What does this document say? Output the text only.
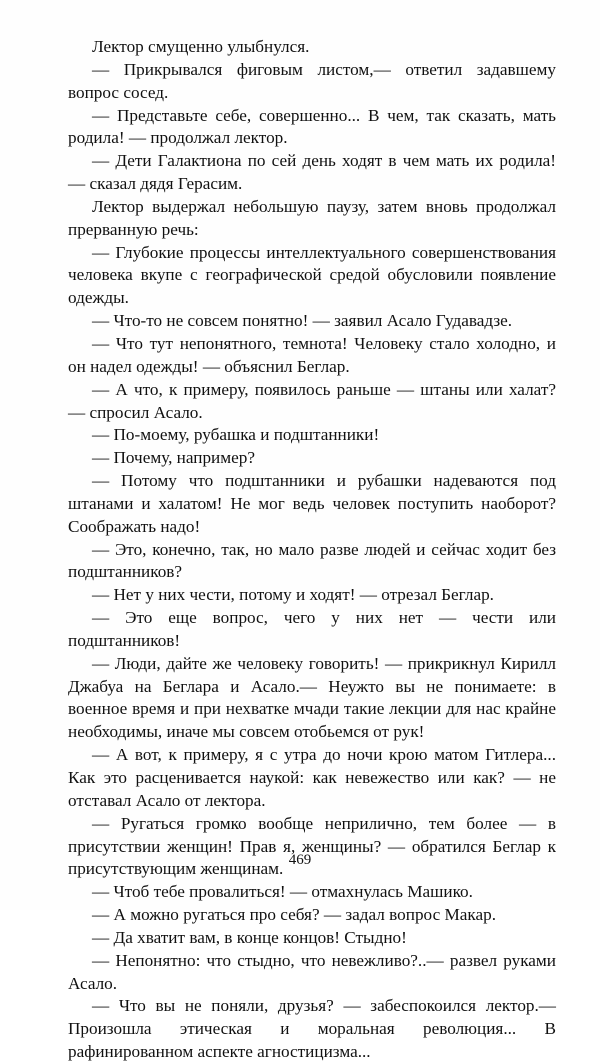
Лектор смущенно улыбнулся.

— Прикрывался фиговым листом,— ответил задавшему вопрос сосед.

— Представьте себе, совершенно... В чем, так сказать, мать родила! — продолжал лектор.

— Дети Галактиона по сей день ходят в чем мать их родила! — сказал дядя Герасим.

Лектор выдержал небольшую паузу, затем вновь продолжал прерванную речь:

— Глубокие процессы интеллектуального совершенствования человека вкупе с географической средой обусловили появление одежды.

— Что-то не совсем понятно! — заявил Асало Гудавадзе.

— Что тут непонятного, темнота! Человеку стало холодно, и он надел одежды! — объяснил Беглар.

— А что, к примеру, появилось раньше — штаны или халат? — спросил Асало.

— По-моему, рубашка и подштанники!

— Почему, например?

— Потому что подштанники и рубашки надеваются под штанами и халатом! Не мог ведь человек поступить наоборот? Соображать надо!

— Это, конечно, так, но мало разве людей и сейчас ходит без подштанников?

— Нет у них чести, потому и ходят! — отрезал Беглар.

— Это еще вопрос, чего у них нет — чести или подштанников!

— Люди, дайте же человеку говорить! — прикрикнул Кирилл Джабуа на Беглара и Асало.— Неужто вы не понимаете: в военное время и при нехватке мчади такие лекции для нас крайне необходимы, иначе мы совсем отобьемся от рук!

— А вот, к примеру, я с утра до ночи крою матом Гитлера... Как это расценивается наукой: как невежество или как? — не отставал Асало от лектора.

— Ругаться громко вообще неприлично, тем более — в присутствии женщин! Прав я, женщины? — обратился Беглар к присутствующим женщинам.

— Чтоб тебе провалиться! — отмахнулась Машико.

— А можно ругаться про себя? — задал вопрос Макар.

— Да хватит вам, в конце концов! Стыдно!

— Непонятно: что стыдно, что невежливо?..— развел руками Асало.

— Что вы не поняли, друзья? — забеспокоился лектор.— Произошла этическая и моральная революция... В рафинированном аспекте агностицизма...

469
